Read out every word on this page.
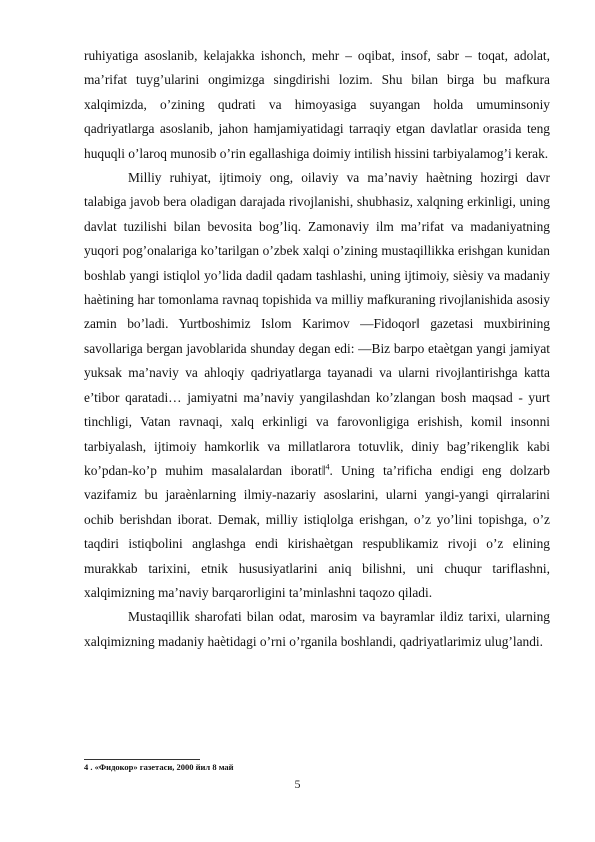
ruhiyatiga asoslanib, kelajakka ishonch, mehr – oqibat, insof, sabr – toqat, adolat, ma’rifat tuyg’ularini ongimizga singdirishi lozim. Shu bilan birga bu mafkura xalqimizda, o’zining qudrati va himoyasiga suyangan holda umuminsoniy qadriyatlarga asoslanib, jahon hamjamiyatidagi tarraqiy etgan davlatlar orasida teng huquqli o’laroq munosib o’rin egallashiga doimiy intilish hissini tarbiyalamog’i kerak.

Milliy ruhiyat, ijtimoiy ong, oilaviy va ma’naviy haѐtning hozirgi davr talabiga javob bera oladigan darajada rivojlanishi, shubhasiz, xalqning erkinligi, uning davlat tuzilishi bilan bevosita bog’liq. Zamonaviy ilm ma’rifat va madaniyatning yuqori pog’onalariga ko’tarilgan o’zbek xalqi o’zining mustaqillikka erishgan kunidan boshlab yangi istiqlol yo’lida dadil qadam tashlashi, uning ijtimoiy, siѐsiy va madaniy haѐtining har tomonlama ravnaq topishida va milliy mafkuraning rivojlanishida asosiy zamin bo’ladi. Yurtboshimiz Islom Karimov ―Fidoqor‖ gazetasi muxbirining savollariga bergan javoblarida shunday degan edi: ―Biz barpo etaѐtgan yangi jamiyat yuksak ma’naviy va ahloqiy qadriyatlarga tayanadi va ularni rivojlantirishga katta e’tibor qaratadi… jamiyatni ma’naviy yangilashdan ko’zlangan bosh maqsad - yurt tinchligi, Vatan ravnaqi, xalq erkinligi va farovonligiga erishish, komil insonni tarbiyalash, ijtimoiy hamkorlik va millatlarora totuvlik, diniy bag’rikenglik kabi ko’pdan-ko’p muhim masalalardan iborat‖$^4$. Uning ta’rificha endigi eng dolzarb vazifamiz bu jaraѐnlarning ilmiy-nazariy asoslarini, ularni yangi-yangi qirralarini ochib berishdan iborat. Demak, milliy istiqlolga erishgan, o’z yo’lini topishga, o’z taqdiri istiqbolini anglashga endi kirishaѐtgan respublikamiz rivoji o’z elining murakkab tarixini, etnik hususiyatlarini aniq bilishni, uni chuqur tariflashni, xalqimizning ma’naviy barqarorligini ta’minlashni taqozo qiladi.

Mustaqillik sharofati bilan odat, marosim va bayramlar ildiz tarixi, ularning xalqimizning madaniy haѐtidagi o’rni o’rganila boshlandi, qadriyatlarimiz ulug’landi.

4 . «Фидокор» газетаси, 2000 йил 8 май
5
